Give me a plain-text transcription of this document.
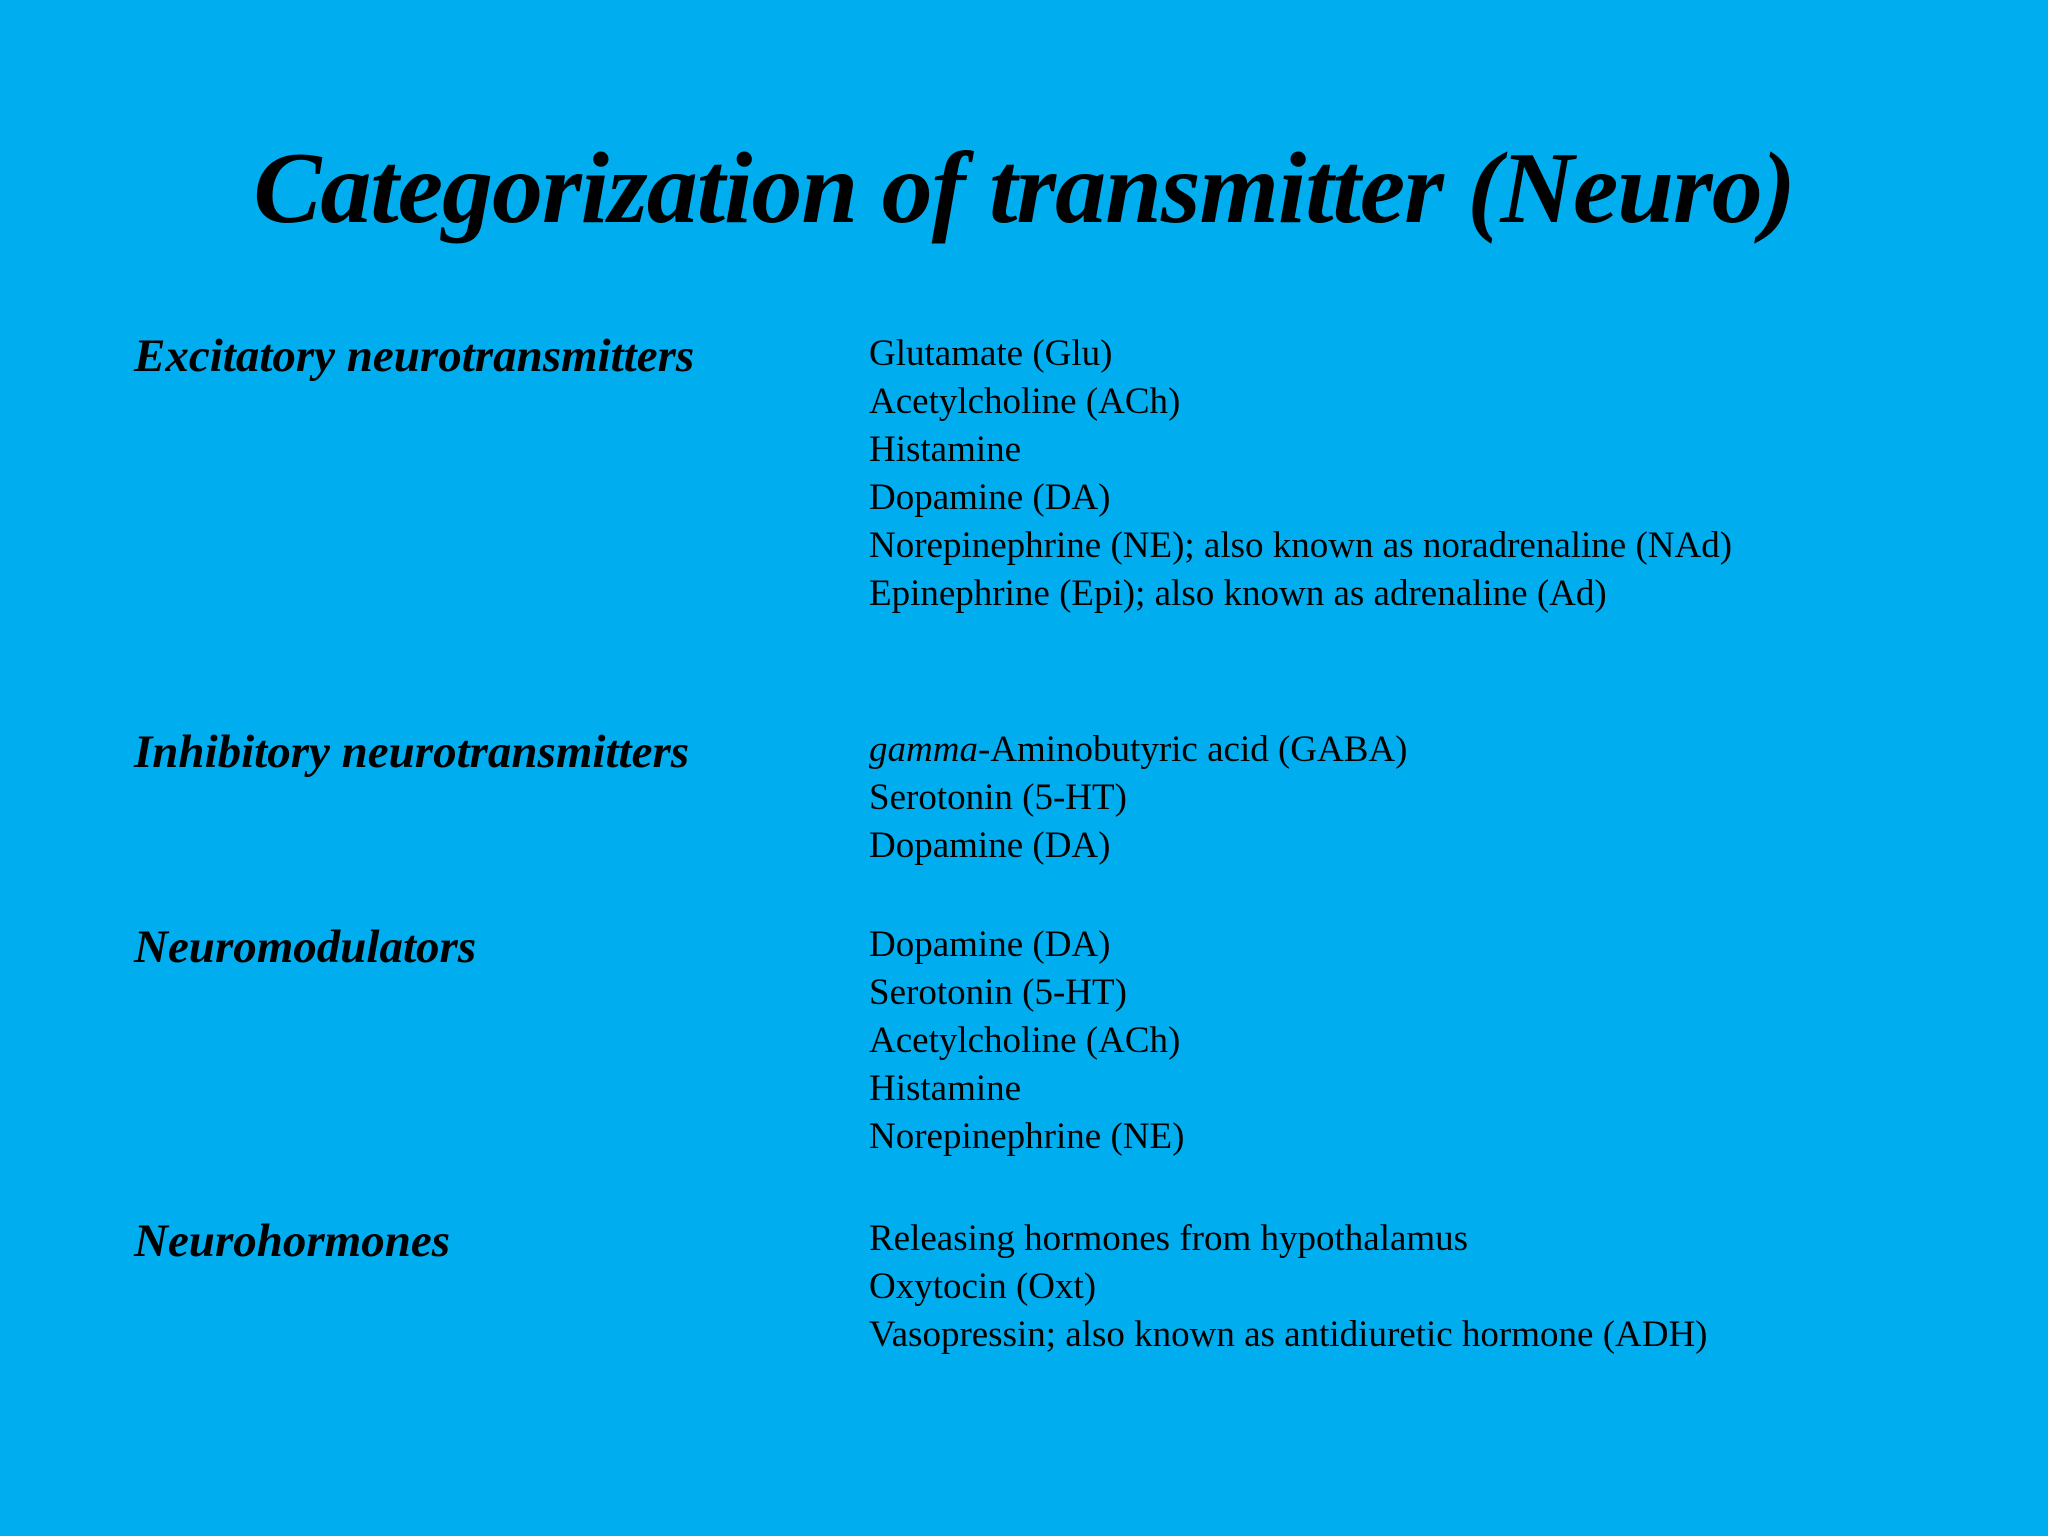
Categorization of transmitter (Neuro)
Excitatory neurotransmitters	Glutamate (Glu)
Acetylcholine (ACh)
Histamine
Dopamine (DA)
Norepinephrine (NE); also known as noradrenaline (NAd)
Epinephrine (Epi); also known as adrenaline (Ad)
Inhibitory neurotransmitters	gamma-Aminobutyric acid (GABA)
Serotonin (5-HT)
Dopamine (DA)
Neuromodulators	Dopamine (DA)
Serotonin (5-HT)
Acetylcholine (ACh)
Histamine
Norepinephrine (NE)
Neurohormones	Releasing hormones from hypothalamus
Oxytocin (Oxt)
Vasopressin; also known as antidiuretic hormone (ADH)
